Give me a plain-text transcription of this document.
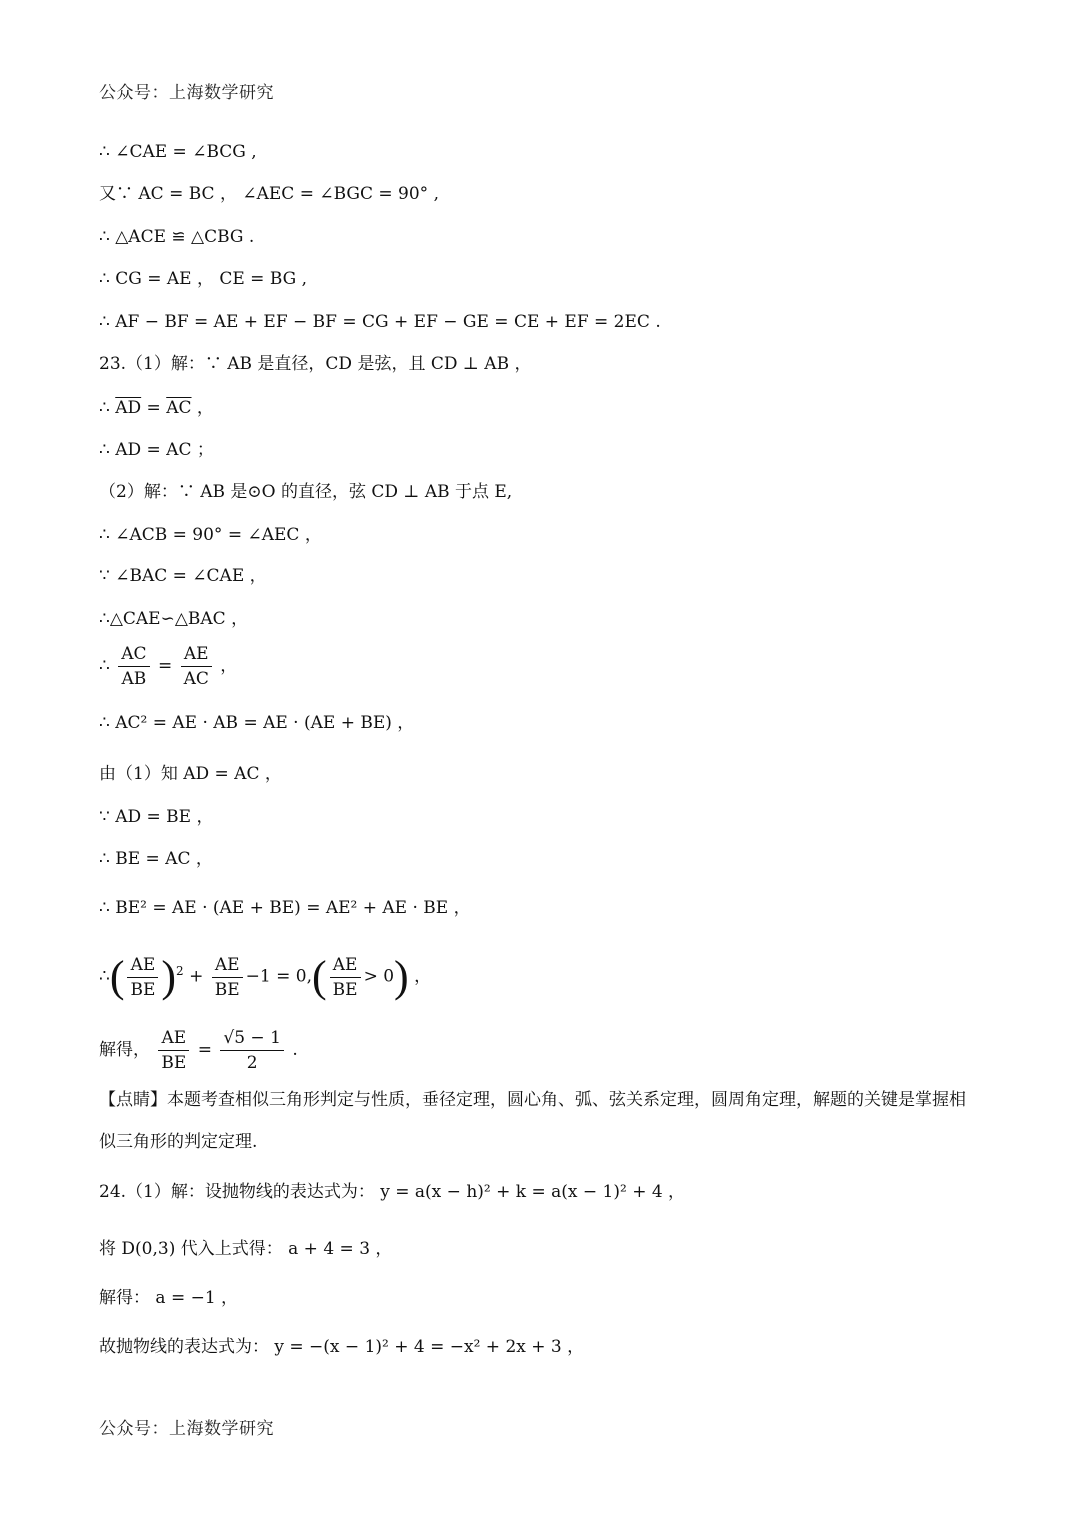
公众号：上海数学研究
∴ ∠CAE = ∠BCG ,
又∵ AC = BC ， ∠AEC = ∠BGC = 90° ,
∴ △ACE ≌ △CBG .
∴ CG = AE ， CE = BG ,
∴ AF − BF = AE + EF − BF = CG + EF − GE = CE + EF = 2EC .
23.（1）解：∵ AB 是直径，CD 是弦，且 CD ⊥ AB ，
∴ $\overline{AD} = \overline{AC}$ ，
∴ AD = AC ；
（2）解：∵ AB 是⊙O 的直径，弦 CD ⊥ AB 于点 E,
∴ ∠ACB = 90° = ∠AEC ，
∵ ∠BAC = ∠CAE ，
∴△CAE∽△BAC ，
∴ $\frac{AC}{AB} = \frac{AE}{AC}$ ，
∴ AC² = AE · AB = AE · (AE + BE) ，
由（1）知 AD = AC ，
∵ AD = BE ，
∴ BE = AC ，
∴ BE² = AE · (AE + BE) = AE² + AE · BE ，
∴( $\frac{AE}{BE} )^2 + \frac{AE}{BE} -1 = 0,( \frac{AE}{BE} > 0)$ ，
解得， $\frac{AE}{BE} = \frac{√5 - 1}{2}$ .
【点睛】本题考查相似三角形判定与性质，垂径定理，圆心角、弧、弦关系定理，圆周角定理，解题的关键是掌握相似三角形的判定定理.
24.（1）解：设抛物线的表达式为： y = a(x − h)² + k = a(x − 1)² + 4 ，
将 D(0,3) 代入上式得： a + 4 = 3 ，
解得： a = −1 ，
故抛物线的表达式为： y = −(x − 1)² + 4 = −x² + 2x + 3 ，
公众号：上海数学研究
